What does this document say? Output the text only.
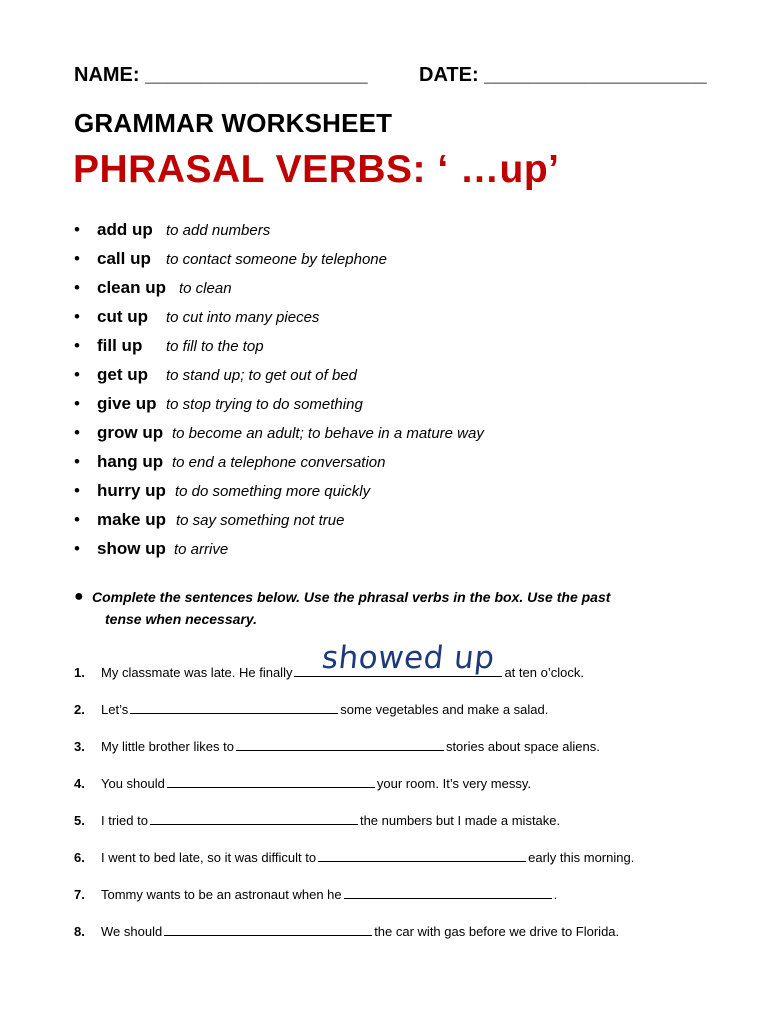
NAME: ____________________	DATE: ____________________
GRAMMAR WORKSHEET
PHRASAL VERBS: ‘ …up’
• add up to add numbers
• call up to contact someone by telephone
• clean up to clean
• cut up to cut into many pieces
• fill up to fill to the top
• get up to stand up; to get out of bed
• give up to stop trying to do something
• grow up to become an adult; to behave in a mature way
• hang up to end a telephone conversation
• hurry up to do something more quickly
• make up to say something not true
• show up to arrive
● Complete the sentences below. Use the phrasal verbs in the box. Use the past
tense when necessary.
1. My classmate was late. He finally	at ten o’clock.
2. Let’s	some vegetables and make a salad.
3. My little brother likes to	stories about space aliens.
4. You should	your room. It’s very messy.
5. I tried to	the numbers but I made a mistake.
6. I went to bed late, so it was difficult to	early this morning.
7. Tommy wants to be an astronaut when he	.
8. We should	the car with gas before we drive to Florida.
showed up
